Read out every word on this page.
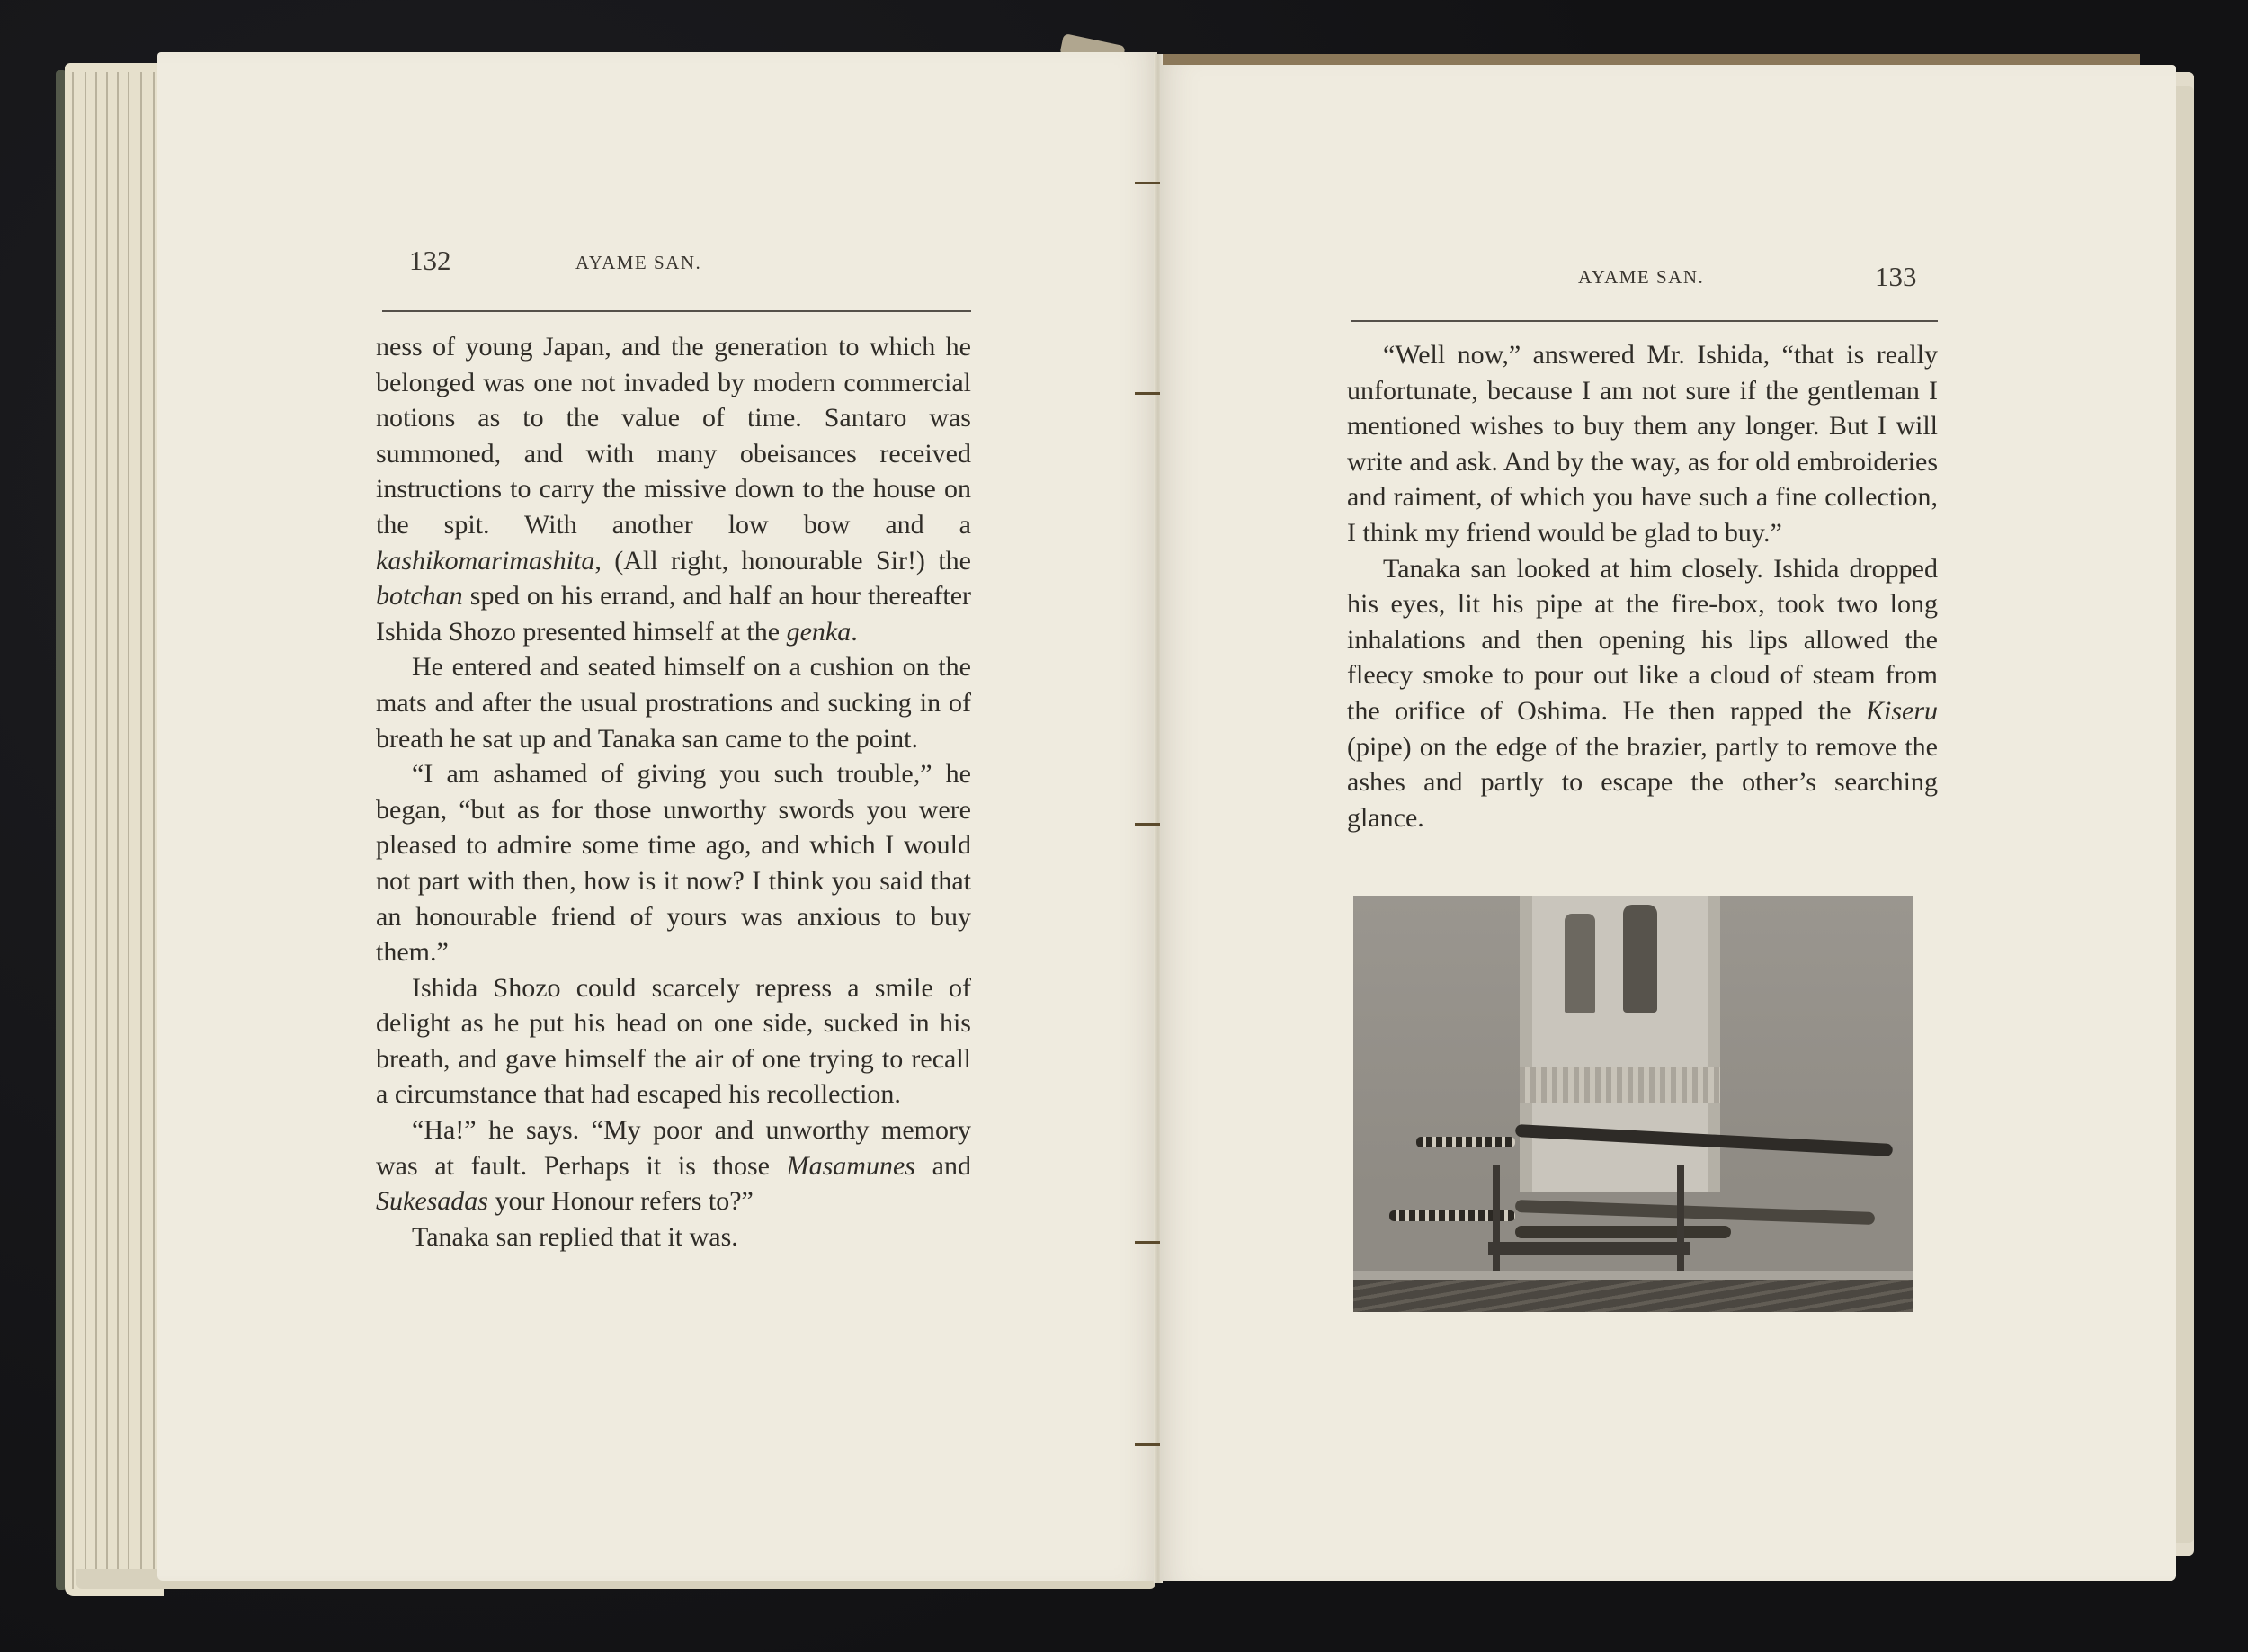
132	AYAME SAN.

ness of young Japan, and the generation to which he belonged was one not invaded by modern commercial notions as to the value of time. Santaro was summoned, and with many obeisances received instructions to carry the missive down to the house on the spit. With another low bow and a kashikomarimashita, (All right, honourable Sir!) the botchan sped on his errand, and half an hour thereafter Ishida Shozo presented himself at the genka.

He entered and seated himself on a cushion on the mats and after the usual prostrations and sucking in of breath he sat up and Tanaka san came to the point.

“I am ashamed of giving you such trouble,” he began, “but as for those unworthy swords you were pleased to admire some time ago, and which I would not part with then, how is it now? I think you said that an honourable friend of yours was anxious to buy them.”

Ishida Shozo could scarcely repress a smile of delight as he put his head on one side, sucked in his breath, and gave himself the air of one trying to recall a circumstance that had escaped his recollection.

“Ha!” he says. “My poor and unworthy memory was at fault. Perhaps it is those Masamunes and Sukesadas your Honour refers to?”

Tanaka san replied that it was.

AYAME SAN.	133

“Well now,” answered Mr. Ishida, “that is really unfortunate, because I am not sure if the gentleman I mentioned wishes to buy them any longer. But I will write and ask. And by the way, as for old embroideries and raiment, of which you have such a fine collection, I think my friend would be glad to buy.”

Tanaka san looked at him closely. Ishida dropped his eyes, lit his pipe at the fire-box, took two long inhalations and then opening his lips allowed the fleecy smoke to pour out like a cloud of steam from the orifice of Oshima. He then rapped the Kiseru (pipe) on the edge of the brazier, partly to remove the ashes and partly to escape the other’s searching glance.
